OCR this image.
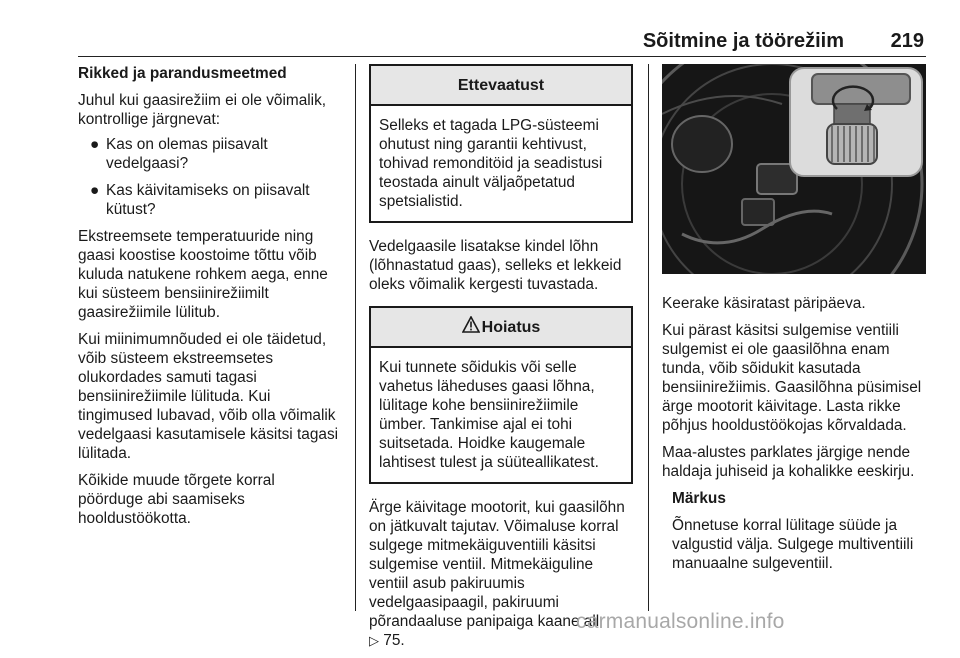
Sõitmine ja töörežiim 219

Rikked ja parandusmeetmed

Juhul kui gaasirežiim ei ole võimalik, kontrollige järgnevat:

● Kas on olemas piisavalt vedelgaasi?
● Kas käivitamiseks on piisavalt kütust?

Ekstreemsete temperatuuride ning gaasi koostise koostoime tõttu võib kuluda natukene rohkem aega, enne kui süsteem bensiinirežiimilt gaasirežiimile lülitub.

Kui miinimumnõuded ei ole täidetud, võib süsteem ekstreemsetes olukordades samuti tagasi bensiinirežiimile lülituda. Kui tingimused lubavad, võib olla võimalik vedelgaasi kasutamisele käsitsi tagasi lülitada.

Kõikide muude tõrgete korral pöörduge abi saamiseks hooldustöökotta.

Ettevaatust
Selleks et tagada LPG-süsteemi ohutust ning garantii kehtivust, tohivad remonditöid ja seadistusi teostada ainult väljaõpetatud spetsialistid.

Vedelgaasile lisatakse kindel lõhn (lõhnastatud gaas), selleks et lekkeid oleks võimalik kergesti tuvastada.

Hoiatus
Kui tunnete sõidukis või selle vahetus läheduses gaasi lõhna, lülitage kohe bensiinirežiimile ümber. Tankimise ajal ei tohi suitsetada. Hoidke kaugemale lahtisest tulest ja süüteallikatest.

Ärge käivitage mootorit, kui gaasilõhn on jätkuvalt tajutav. Võimaluse korral sulgege mitmekäiguventiili käsitsi sulgemise ventiil. Mitmekäiguline ventiil asub pakiruumis vedelgaasipaagil, pakiruumi põrandaaluse panipaiga kaane all
▷ 75.

Keerake käsiratast päripäeva.

Kui pärast käsitsi sulgemise ventiili sulgemist ei ole gaasilõhna enam tunda, võib sõidukit kasutada bensiinirežiimis. Gaasilõhna püsimisel ärge mootorit käivitage. Lasta rikke põhjus hooldustöökojas kõrvaldada.

Maa-alustes parklates järgige nende haldaja juhiseid ja kohalikke eeskirju.

Märkus

Õnnetuse korral lülitage süüde ja valgustid välja. Sulgege multiventiili manuaalne sulgeventiil.

carmanualsonline.info
